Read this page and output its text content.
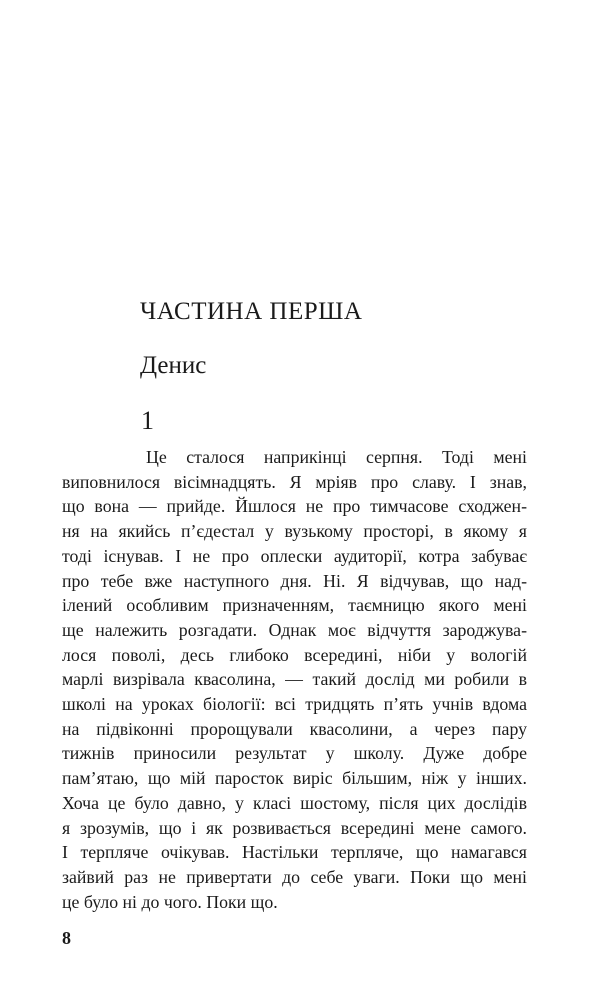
ЧАСТИНА ПЕРША
Денис
1
Це сталося наприкінці серпня. Тоді мені
виповнилося вісімнадцять. Я мріяв про славу. І знав,
що вона — прийде. Йшлося не про тимчасове сходжен-
ня на якийсь п’єдестал у вузькому просторі, в якому я
тоді існував. І не про оплески аудиторії, котра забуває
про тебе вже наступного дня. Ні. Я відчував, що над-
ілений особливим призначенням, таємницю якого мені
ще належить розгадати. Однак моє відчуття зароджува-
лося поволі, десь глибоко всередині, ніби у вологій
марлі визрівала квасолина, — такий дослід ми робили в
школі на уроках біології: всі тридцять п’ять учнів вдома
на підвіконні пророщували квасолини, а через пару
тижнів приносили результат у школу. Дуже добре
пам’ятаю, що мій паросток виріс більшим, ніж у інших.
Хоча це було давно, у класі шостому, після цих дослідів
я зрозумів, що і як розвивається всередині мене самого.
І терпляче очікував. Настільки терпляче, що намагався
зайвий раз не привертати до себе уваги. Поки що мені
це було ні до чого. Поки що.
8
